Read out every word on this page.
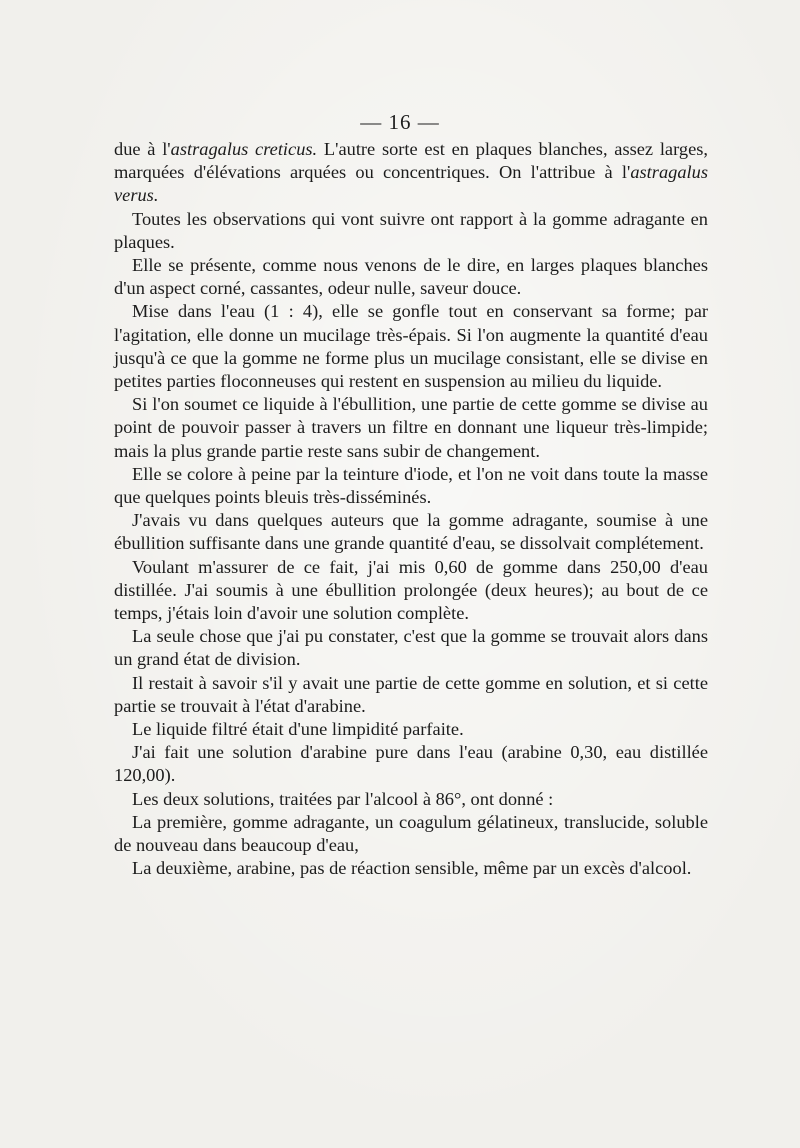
— 16 —

due à l'astragalus creticus. L'autre sorte est en plaques blanches, assez larges, marquées d'élévations arquées ou concentriques. On l'attribue à l'astragalus verus.

Toutes les observations qui vont suivre ont rapport à la gomme adragante en plaques.

Elle se présente, comme nous venons de le dire, en larges plaques blanches d'un aspect corné, cassantes, odeur nulle, saveur douce.

Mise dans l'eau (1 : 4), elle se gonfle tout en conservant sa forme; par l'agitation, elle donne un mucilage très-épais. Si l'on augmente la quantité d'eau jusqu'à ce que la gomme ne forme plus un mucilage consistant, elle se divise en petites parties floconneuses qui restent en suspension au milieu du liquide.

Si l'on soumet ce liquide à l'ébullition, une partie de cette gomme se divise au point de pouvoir passer à travers un filtre en donnant une liqueur très-limpide; mais la plus grande partie reste sans subir de changement.

Elle se colore à peine par la teinture d'iode, et l'on ne voit dans toute la masse que quelques points bleuis très-disséminés.

J'avais vu dans quelques auteurs que la gomme adragante, soumise à une ébullition suffisante dans une grande quantité d'eau, se dissolvait complétement.

Voulant m'assurer de ce fait, j'ai mis 0,60 de gomme dans 250,00 d'eau distillée. J'ai soumis à une ébullition prolongée (deux heures); au bout de ce temps, j'étais loin d'avoir une solution complète.

La seule chose que j'ai pu constater, c'est que la gomme se trouvait alors dans un grand état de division.

Il restait à savoir s'il y avait une partie de cette gomme en solution, et si cette partie se trouvait à l'état d'arabine.

Le liquide filtré était d'une limpidité parfaite.

J'ai fait une solution d'arabine pure dans l'eau (arabine 0,30, eau distillée 120,00).

Les deux solutions, traitées par l'alcool à 86°, ont donné :

La première, gomme adragante, un coagulum gélatineux, translucide, soluble de nouveau dans beaucoup d'eau,

La deuxième, arabine, pas de réaction sensible, même par un excès d'alcool.
